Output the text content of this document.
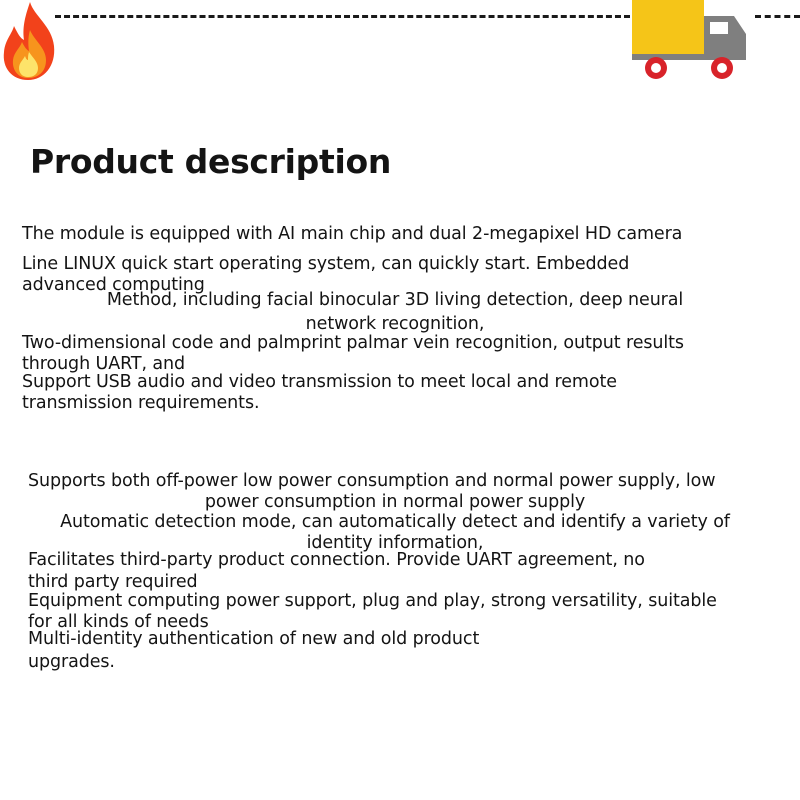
Product description
The module is equipped with AI main chip and dual 2-megapixel HD camera
Line LINUX quick start operating system, can quickly start. Embedded
advanced computing
Method, including facial binocular 3D living detection, deep neural
network recognition,
Two-dimensional code and palmprint palmar vein recognition, output results
through UART, and
Support USB audio and video transmission to meet local and remote
transmission requirements.
Supports both off-power low power consumption and normal power supply, low
power consumption in normal power supply
Automatic detection mode, can automatically detect and identify a variety of
identity information,
Facilitates third-party product connection. Provide UART agreement, no
third party required
Equipment computing power support, plug and play, strong versatility, suitable
for all kinds of needs
Multi-identity authentication of new and old product
upgrades.
